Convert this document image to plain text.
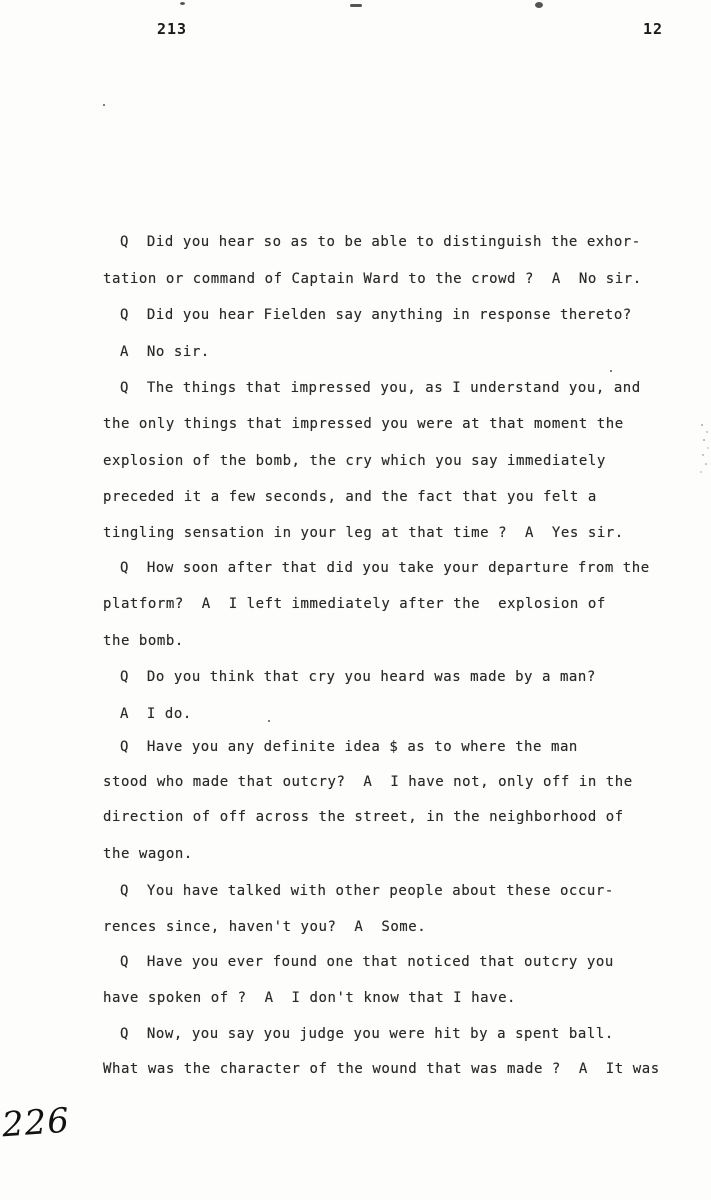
213	12
Q  Did you hear so as to be able to distinguish the exhor-
tation or command of Captain Ward to the crowd ?  A  No sir.
Q  Did you hear Fielden say anything in response thereto?
A  No sir.
Q  The things that impressed you, as I understand you, and
the only things that impressed you were at that moment the
explosion of the bomb, the cry which you say immediately
preceded it a few seconds, and the fact that you felt a
tingling sensation in your leg at that time ?  A  Yes sir.
Q  How soon after that did you take your departure from the
platform?  A  I left immediately after the  explosion of
the bomb.
Q  Do you think that cry you heard was made by a man?
A  I do.
Q  Have you any definite idea $ as to where the man
stood who made that outcry?  A  I have not, only off in the
direction of off across the street, in the neighborhood of
the wagon.
Q  You have talked with other people about these occur-
rences since, haven't you?  A  Some.
Q  Have you ever found one that noticed that outcry you
have spoken of ?  A  I don't know that I have.
Q  Now, you say you judge you were hit by a spent ball.
What was the character of the wound that was made ?  A  It was
226
